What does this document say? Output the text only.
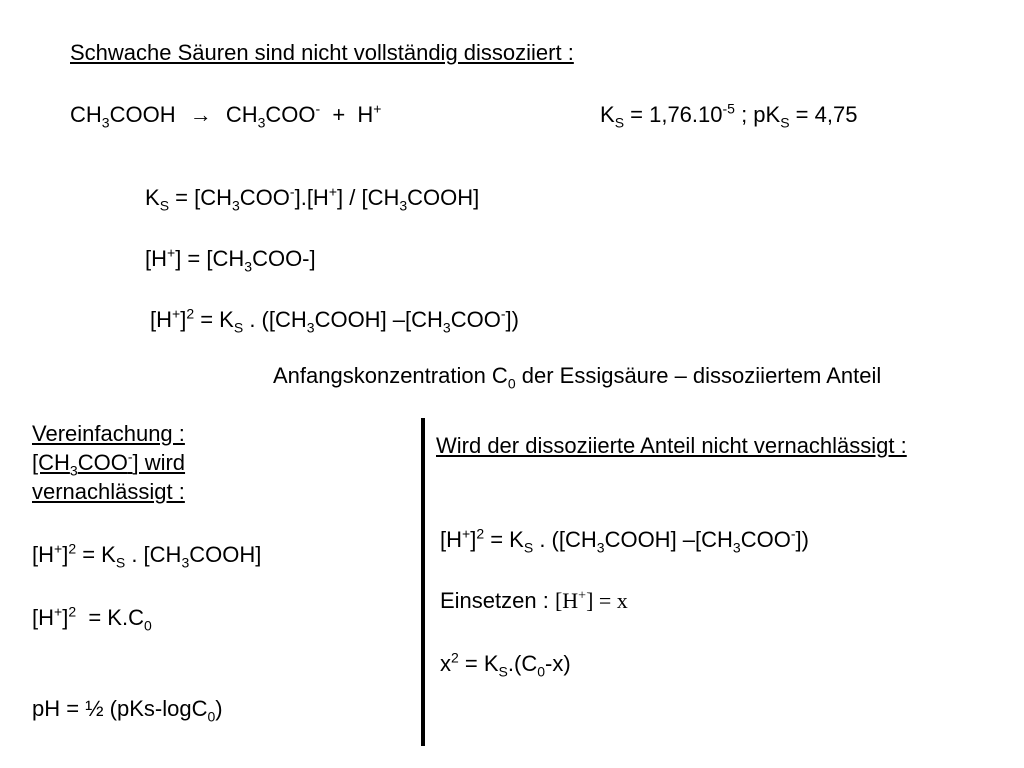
Schwache Säuren sind nicht vollständig dissoziiert :
$CH_3COOH \to CH_3COO^- + H^+$	$K_S = 1,76.10^{-5}$ ; $pK_S = 4,75$
$K_S = [CH_3COO^-].[H^+]$ / $[CH_3COOH]$
$[H^+] = [CH_3COO-]$
$[H^+]^2 = K_S$ . ($[CH_3COOH]$ $-[CH_3COO^-]$)
Anfangskonzentration $C_0$ der Essigsäure – dissoziiertem Anteil
Vereinfachung :
$[CH_3COO^-]$ wird
vernachlässigt :
$[H^+]^2 = K_S$ . $[CH_3COOH]$
$[H^+]^2 = K.C_0$
pH = ½ (pKs-logC$_0$)
Wird der dissoziierte Anteil nicht vernachlässigt :
$[H^+]^2 = K_S$ . ($[CH_3COOH]$ $-[CH_3COO^-]$)
Einsetzen : [H+] = x
$x^2 = K_S.(C_0-x)$
